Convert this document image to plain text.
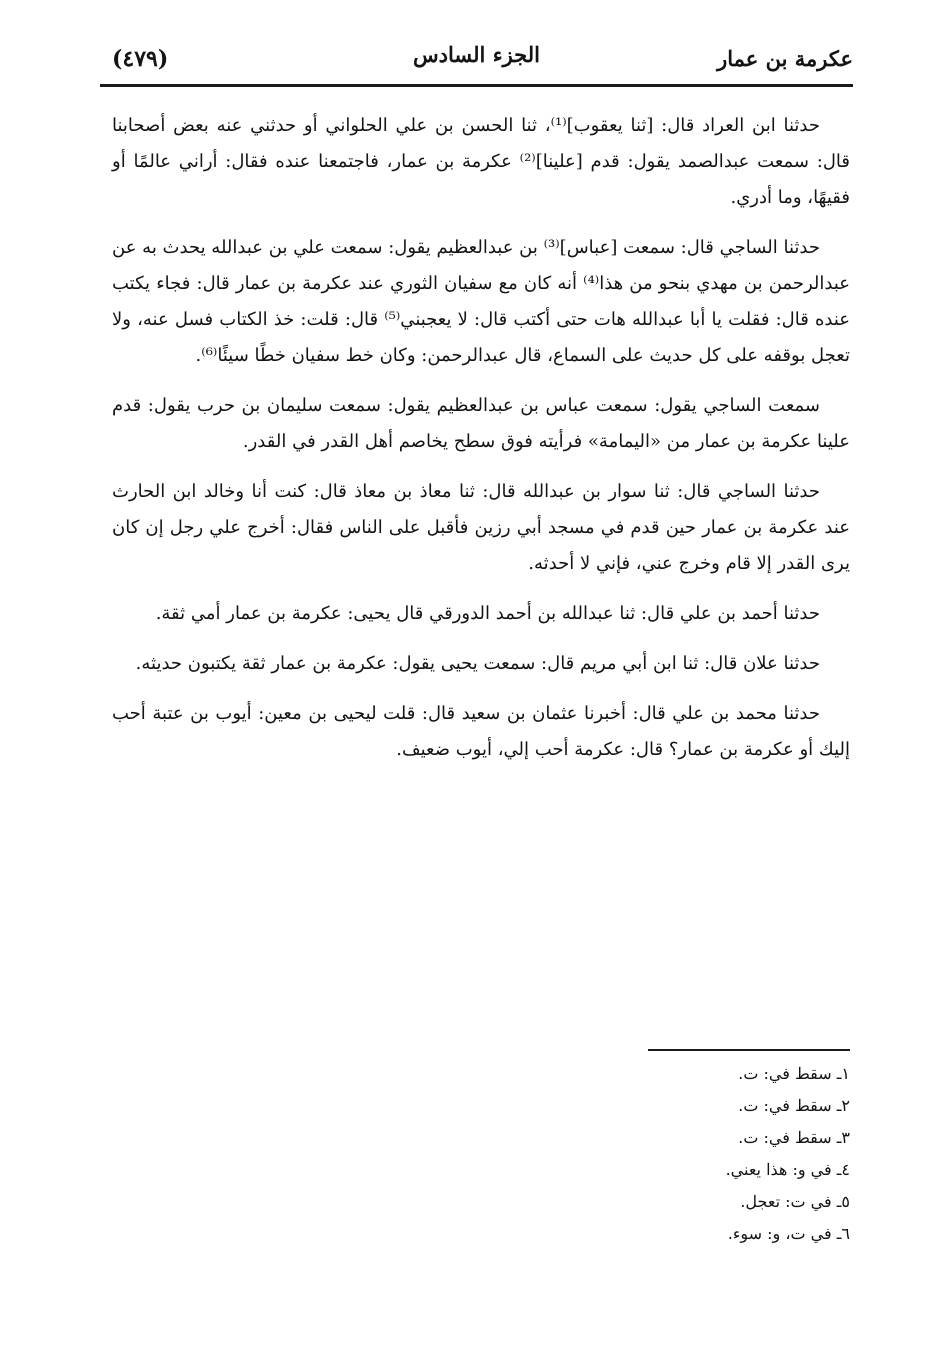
عكرمة بن عمار
الجزء السادس
(٤٧٩)

حدثنا ابن العراد قال: [ثنا يعقوب]⁽¹⁾، ثنا الحسن بن علي الحلواني أو حدثني عنه بعض أصحابنا قال: سمعت عبدالصمد يقول: قدم [علينا]⁽²⁾ عكرمة بن عمار، فاجتمعنا عنده فقال: أراني عالمًا أو فقيهًا، وما أدري.

حدثنا الساجي قال: سمعت [عباس]⁽³⁾ بن عبدالعظيم يقول: سمعت علي بن عبدالله يحدث به عن عبدالرحمن بن مهدي بنحو من هذا⁽⁴⁾ أنه كان مع سفيان الثوري عند عكرمة بن عمار قال: فجاء يكتب عنده قال: فقلت يا أبا عبدالله هات حتى أكتب قال: لا يعجبني⁽⁵⁾ قال: قلت: خذ الكتاب فسل عنه، ولا تعجل بوقفه على كل حديث على السماع، قال عبدالرحمن: وكان خط سفيان خطًا سيئًا⁽⁶⁾.

سمعت الساجي يقول: سمعت عباس بن عبدالعظيم يقول: سمعت سليمان بن حرب يقول: قدم علينا عكرمة بن عمار من «اليمامة» فرأيته فوق سطح يخاصم أهل القدر في القدر.

حدثنا الساجي قال: ثنا سوار بن عبدالله قال: ثنا معاذ بن معاذ قال: كنت أنا وخالد ابن الحارث عند عكرمة بن عمار حين قدم في مسجد أبي رزين فأقبل على الناس فقال: أخرج علي رجل إن كان يرى القدر إلا قام وخرج عني، فإني لا أحدثه.

حدثنا أحمد بن علي قال: ثنا عبدالله بن أحمد الدورقي قال يحيى: عكرمة بن عمار أمي ثقة.

حدثنا علان قال: ثنا ابن أبي مريم قال: سمعت يحيى يقول: عكرمة بن عمار ثقة يكتبون حديثه.

حدثنا محمد بن علي قال: أخبرنا عثمان بن سعيد قال: قلت ليحيى بن معين: أيوب بن عتبة أحب إليك أو عكرمة بن عمار؟ قال: عكرمة أحب إلي، أيوب ضعيف.

١ـ سقط في: ت.

٢ـ سقط في: ت.

٣ـ سقط في: ت.

٤ـ في و: هذا يعني.

٥ـ في ت: تعجل.

٦ـ في ت، و: سوء.
